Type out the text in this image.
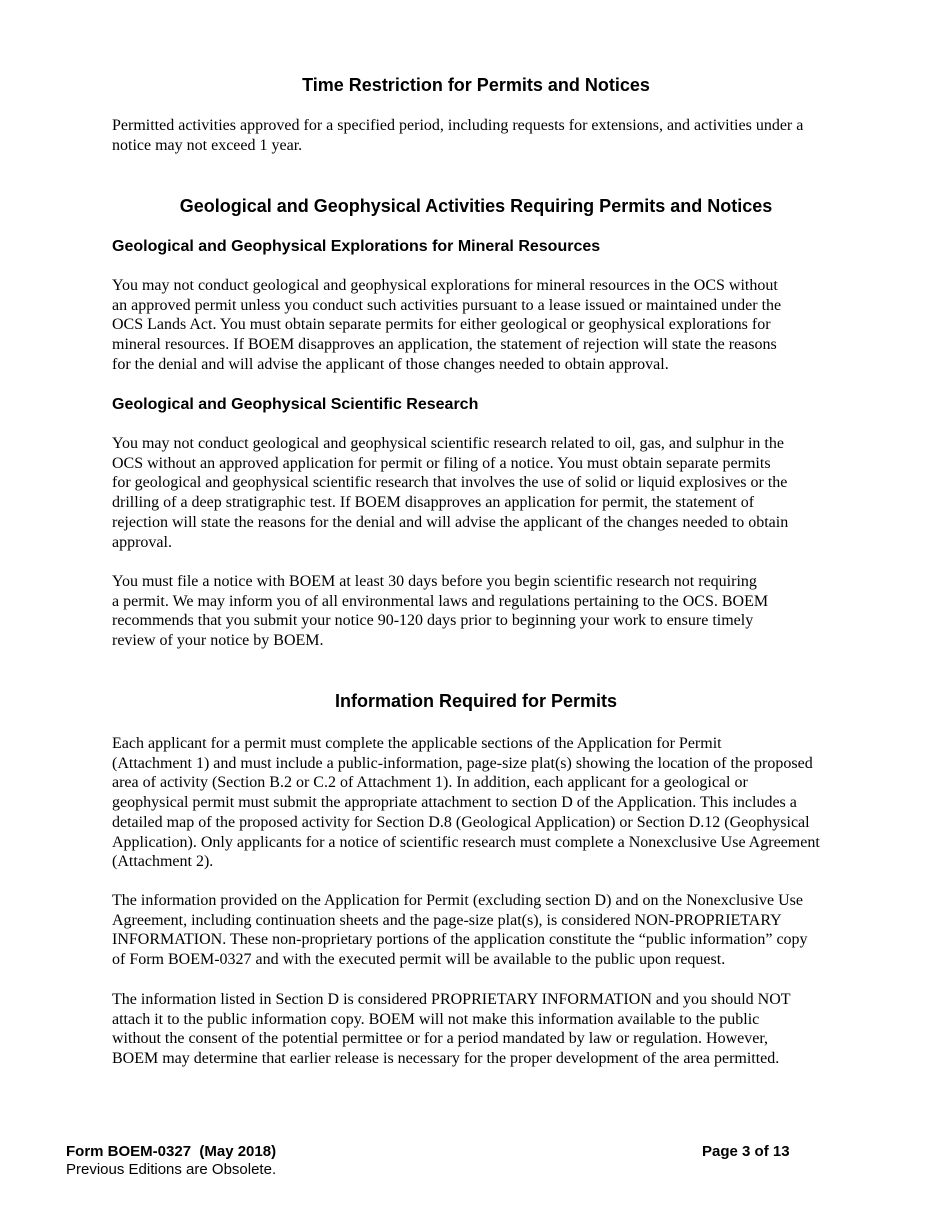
Time Restriction for Permits and Notices

Permitted activities approved for a specified period, including requests for extensions, and activities under a
notice may not exceed 1 year.

Geological and Geophysical Activities Requiring Permits and Notices
Geological and Geophysical Explorations for Mineral Resources

You may not conduct geological and geophysical explorations for mineral resources in the OCS without
an approved permit unless you conduct such activities pursuant to a lease issued or maintained under the
OCS Lands Act. You must obtain separate permits for either geological or geophysical explorations for
mineral resources. If BOEM disapproves an application, the statement of rejection will state the reasons
for the denial and will advise the applicant of those changes needed to obtain approval.

Geological and Geophysical Scientific Research

You may not conduct geological and geophysical scientific research related to oil, gas, and sulphur in the
OCS without an approved application for permit or filing of a notice. You must obtain separate permits
for geological and geophysical scientific research that involves the use of solid or liquid explosives or the
drilling of a deep stratigraphic test. If BOEM disapproves an application for permit, the statement of
rejection will state the reasons for the denial and will advise the applicant of the changes needed to obtain
approval.

You must file a notice with BOEM at least 30 days before you begin scientific research not requiring
a permit. We may inform you of all environmental laws and regulations pertaining to the OCS. BOEM
recommends that you submit your notice 90-120 days prior to beginning your work to ensure timely
review of your notice by BOEM.

Information Required for Permits

Each applicant for a permit must complete the applicable sections of the Application for Permit
(Attachment 1) and must include a public-information, page-size plat(s) showing the location of the proposed
area of activity (Section B.2 or C.2 of Attachment 1). In addition, each applicant for a geological or
geophysical permit must submit the appropriate attachment to section D of the Application. This includes a
detailed map of the proposed activity for Section D.8 (Geological Application) or Section D.12 (Geophysical
Application). Only applicants for a notice of scientific research must complete a Nonexclusive Use Agreement
(Attachment 2).

The information provided on the Application for Permit (excluding section D) and on the Nonexclusive Use
Agreement, including continuation sheets and the page-size plat(s), is considered NON-PROPRIETARY
INFORMATION. These non-proprietary portions of the application constitute the “public information” copy
of Form BOEM-0327 and with the executed permit will be available to the public upon request.

The information listed in Section D is considered PROPRIETARY INFORMATION and you should NOT
attach it to the public information copy. BOEM will not make this information available to the public
without the consent of the potential permittee or for a period mandated by law or regulation. However,
BOEM may determine that earlier release is necessary for the proper development of the area permitted.

Form BOEM-0327  (May 2018)
Previous Editions are Obsolete.
Page 3 of 13
